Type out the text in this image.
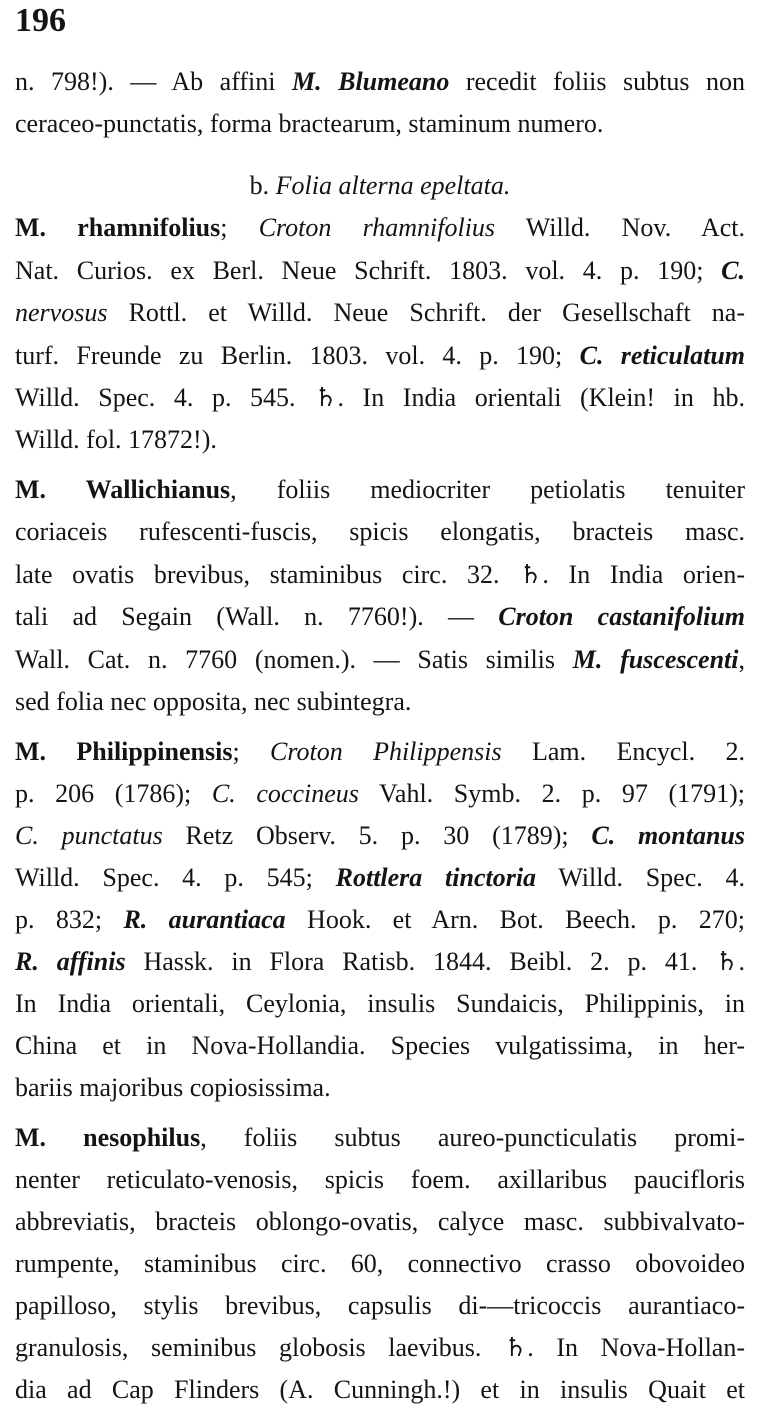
196
n. 798!). — Ab affini M. Blumeano recedit foliis subtus non
ceraceo-punctatis, forma bractearum, staminum numero.
b. Folia alterna epeltata.
M. rhamnifolius; Croton rhamnifolius Willd. Nov. Act.
Nat. Curios. ex Berl. Neue Schrift. 1803. vol. 4. p. 190; C.
nervosus Rottl. et Willd. Neue Schrift. der Gesellschaft na-
turf. Freunde zu Berlin. 1803. vol. 4. p. 190; C. reticulatum
Willd. Spec. 4. p. 545. ♄. In India orientali (Klein! in hb.
Willd. fol. 17872!).
M. Wallichianus, foliis mediocriter petiolatis tenuiter
coriaceis rufescenti-fuscis, spicis elongatis, bracteis masc.
late ovatis brevibus, staminibus circ. 32. ♄. In India orien-
tali ad Segain (Wall. n. 7760!). — Croton castanifolium
Wall. Cat. n. 7760 (nomen.). — Satis similis M. fuscescenti,
sed folia nec opposita, nec subintegra.
M. Philippinensis; Croton Philippensis Lam. Encycl. 2.
p. 206 (1786); C. coccineus Vahl. Symb. 2. p. 97 (1791);
C. punctatus Retz Observ. 5. p. 30 (1789); C. montanus
Willd. Spec. 4. p. 545; Rottlera tinctoria Willd. Spec. 4.
p. 832; R. aurantiaca Hook. et Arn. Bot. Beech. p. 270;
R. affinis Hassk. in Flora Ratisb. 1844. Beibl. 2. p. 41. ♄.
In India orientali, Ceylonia, insulis Sundaicis, Philippinis, in
China et in Nova-Hollandia. Species vulgatissima, in her-
bariis majoribus copiosissima.
M. nesophilus, foliis subtus aureo-puncticulatis promi-
nenter reticulato-venosis, spicis foem. axillaribus paucifloris
abbreviatis, bracteis oblongo-ovatis, calyce masc. subbivalvato-
rumpente, staminibus circ. 60, connectivo crasso obovoideo
papilloso, stylis brevibus, capsulis di-—tricoccis aurantiaco-
granulosis, seminibus globosis laevibus. ♄. In Nova-Hollan-
dia ad Cap Flinders (A. Cunningh.!) et in insulis Quait et
